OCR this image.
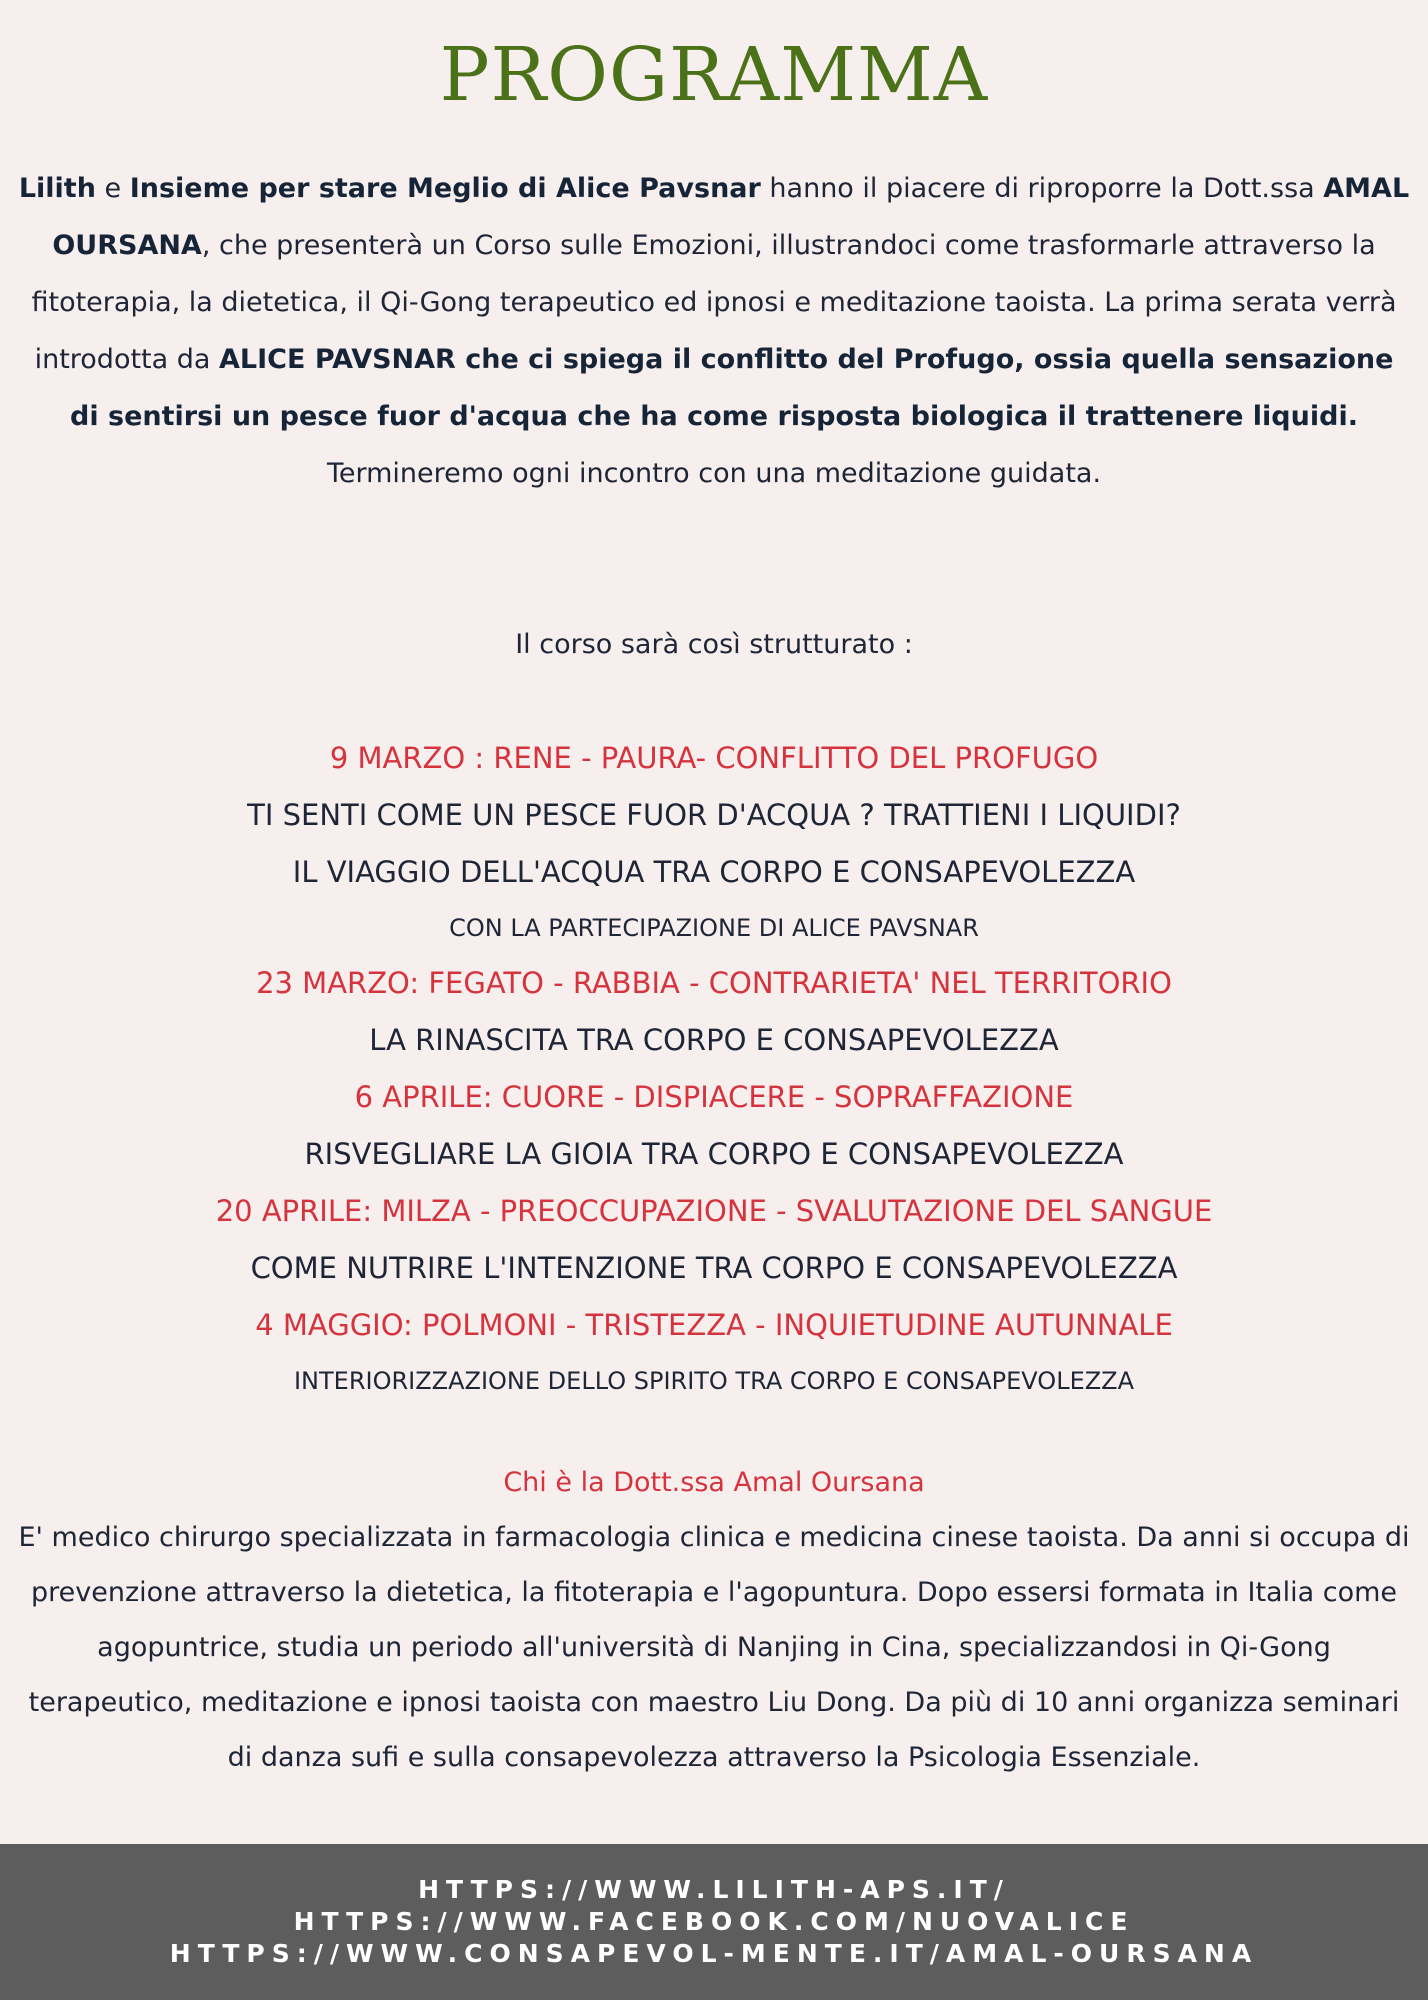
PROGRAMMA

Lilith e Insieme per stare Meglio di Alice Pavsnar hanno il piacere di riproporre la Dott.ssa AMAL OURSANA, che presenterà un Corso sulle Emozioni, illustrandoci come trasformarle attraverso la fitoterapia, la dietetica, il Qi-Gong terapeutico ed ipnosi e meditazione taoista. La prima serata verrà introdotta da ALICE PAVSNAR che ci spiega il conflitto del Profugo, ossia quella sensazione di sentirsi un pesce fuor d'acqua che ha come risposta biologica il trattenere liquidi.

Termineremo ogni incontro con una meditazione guidata.

Il corso sarà così strutturato :
9 MARZO : RENE - PAURA- CONFLITTO DEL PROFUGO
TI SENTI COME UN PESCE FUOR D'ACQUA ? TRATTIENI I LIQUIDI?
IL VIAGGIO DELL'ACQUA TRA CORPO E CONSAPEVOLEZZA
CON LA PARTECIPAZIONE DI ALICE PAVSNAR
23 MARZO: FEGATO - RABBIA - CONTRARIETA' NEL TERRITORIO
LA RINASCITA TRA CORPO E CONSAPEVOLEZZA
6 APRILE: CUORE - DISPIACERE - SOPRAFFAZIONE
RISVEGLIARE LA GIOIA TRA CORPO E CONSAPEVOLEZZA
20 APRILE: MILZA - PREOCCUPAZIONE - SVALUTAZIONE DEL SANGUE
COME NUTRIRE L'INTENZIONE TRA CORPO E CONSAPEVOLEZZA
4 MAGGIO: POLMONI - TRISTEZZA - INQUIETUDINE AUTUNNALE
INTERIORIZZAZIONE DELLO SPIRITO TRA CORPO E CONSAPEVOLEZZA
Chi è la Dott.ssa Amal Oursana
E' medico chirurgo specializzata in farmacologia clinica e medicina cinese taoista. Da anni si occupa di prevenzione attraverso la dietetica, la fitoterapia e l'agopuntura. Dopo essersi formata in Italia come agopuntrice, studia un periodo all'università di Nanjing in Cina, specializzandosi in Qi-Gong terapeutico, meditazione e ipnosi taoista con maestro Liu Dong. Da più di 10 anni organizza seminari di danza sufi e sulla consapevolezza attraverso la Psicologia Essenziale.
HTTPS://WWW.LILITH-APS.IT/
HTTPS://WWW.FACEBOOK.COM/NUOVALICE
HTTPS://WWW.CONSAPEVOL-MENTE.IT/AMAL-OURSANA
